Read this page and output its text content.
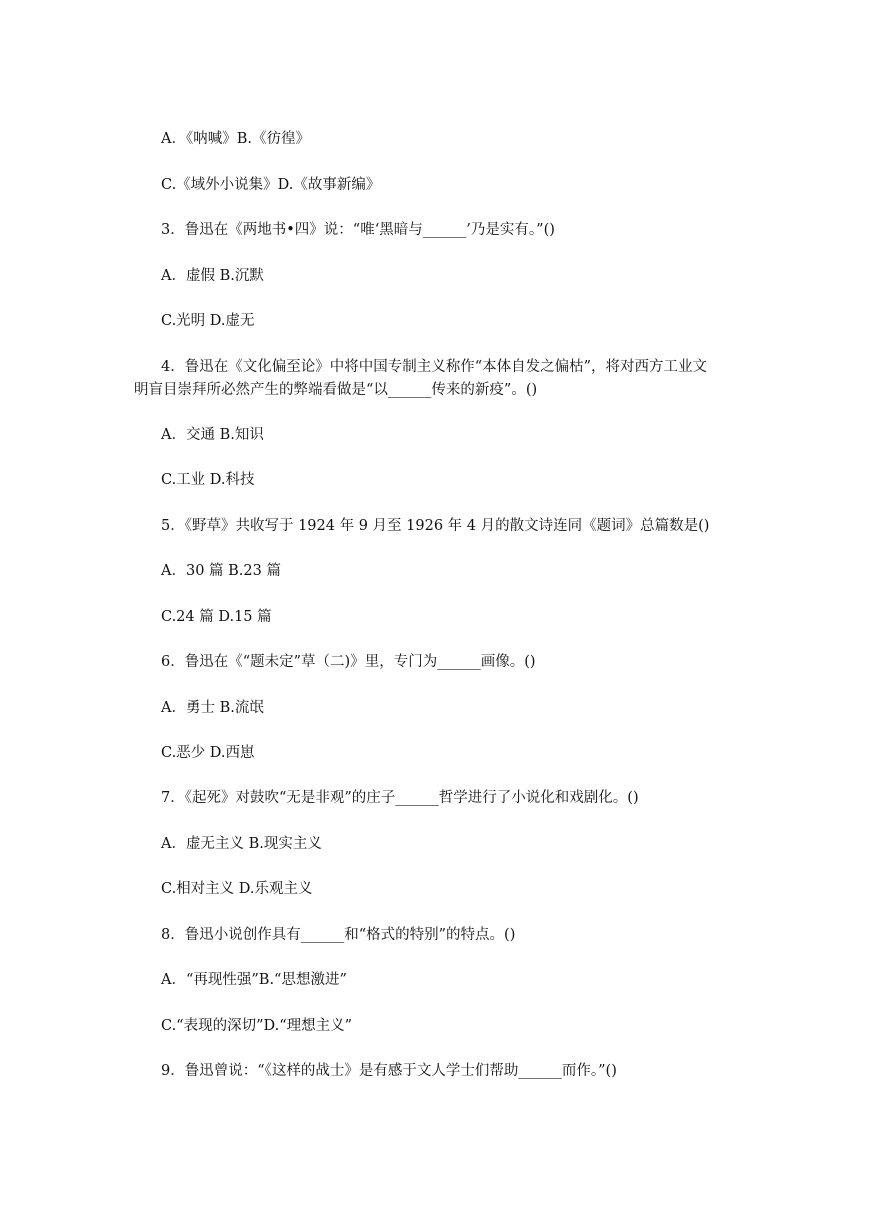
A．《呐喊》B.《彷徨》
C.《域外小说集》D.《故事新编》
3．鲁迅在《两地书•四》说：“唯‘黑暗与______’乃是实有。”()
A．虚假 B.沉默
C.光明 D.虚无
4．鲁迅在《文化偏至论》中将中国专制主义称作“本体自发之偏枯”，将对西方工业文
明盲目崇拜所必然产生的弊端看做是“以______传来的新疫”。()
A．交通 B.知识
C.工业 D.科技
5．《野草》共收写于 1924 年 9 月至 1926 年 4 月的散文诗连同《题词》总篇数是()
A．30 篇 B.23 篇
C.24 篇 D.15 篇
6．鲁迅在《“题未定”草（二)》里，专门为______画像。()
A．勇士 B.流氓
C.恶少 D.西崽
7．《起死》对鼓吹“无是非观”的庄子______哲学进行了小说化和戏剧化。()
A．虚无主义 B.现实主义
C.相对主义 D.乐观主义
8．鲁迅小说创作具有______和“格式的特别”的特点。()
A．“再现性强”B.“思想激进”
C.“表现的深切”D.“理想主义”
9．鲁迅曾说：“《这样的战士》是有感于文人学士们帮助______而作。”()
